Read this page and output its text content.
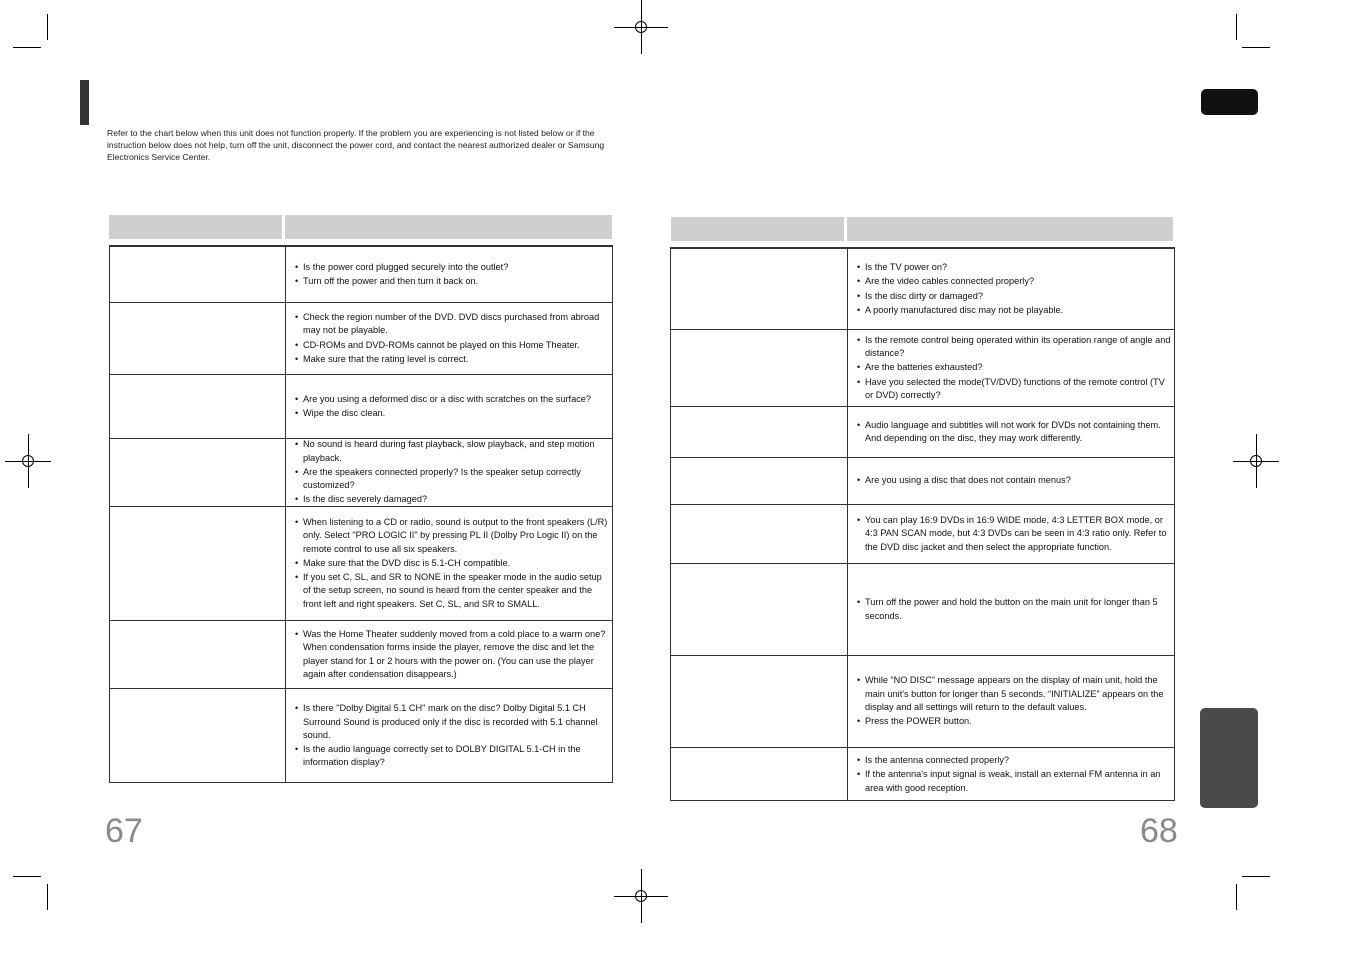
Refer to the chart below when this unit does not function properly. If the problem you are experiencing is not listed below or if the instruction below does not help, turn off the unit, disconnect the power cord, and contact the nearest authorized dealer or Samsung Electronics Service Center.
• Is the power cord plugged securely into the outlet?
• Turn off the power and then turn it back on.
• Check the region number of the DVD. DVD discs purchased from abroad may not be playable.
• CD-ROMs and DVD-ROMs cannot be played on this Home Theater.
• Make sure that the rating level is correct.
• Are you using a deformed disc or a disc with scratches on the surface?
• Wipe the disc clean.
• No sound is heard during fast playback, slow playback, and step motion playback.
• Are the speakers connected properly? Is the speaker setup correctly customized?
• Is the disc severely damaged?
• When listening to a CD or radio, sound is output to the front speakers (L/R) only. Select "PRO LOGIC II" by pressing PL II (Dolby Pro Logic II) on the remote control to use all six speakers.
• Make sure that the DVD disc is 5.1-CH compatible.
• If you set C, SL, and SR to NONE in the speaker mode in the audio setup of the setup screen, no sound is heard from the center speaker and the front left and right speakers. Set C, SL, and SR to SMALL.
• Was the Home Theater suddenly moved from a cold place to a warm one? When condensation forms inside the player, remove the disc and let the player stand for 1 or 2 hours with the power on. (You can use the player again after condensation disappears.)
• Is there "Dolby Digital 5.1 CH" mark on the disc? Dolby Digital 5.1 CH Surround Sound is produced only if the disc is recorded with 5.1 channel sound.
• Is the audio language correctly set to DOLBY DIGITAL 5.1-CH in the information display?
• Is the TV power on?
• Are the video cables connected properly?
• Is the disc dirty or damaged?
• A poorly manufactured disc may not be playable.
• Is the remote control being operated within its operation range of angle and distance?
• Are the batteries exhausted?
• Have you selected the mode(TV/DVD) functions of the remote control (TV or DVD) correctly?
• Audio language and subtitles will not work for DVDs not containing them. And depending on the disc, they may work differently.
• Are you using a disc that does not contain menus?
• You can play 16:9 DVDs in 16:9 WIDE mode, 4:3 LETTER BOX mode, or 4:3 PAN SCAN mode, but 4:3 DVDs can be seen in 4:3 ratio only. Refer to the DVD disc jacket and then select the appropriate function.
• Turn off the power and hold the button on the main unit for longer than 5 seconds.
• While “NO DISC” message appears on the display of main unit, hold the main unit's button for longer than 5 seconds. “INITIALIZE” appears on the display and all settings will return to the default values.
• Press the POWER button.
• Is the antenna connected properly?
• If the antenna's input signal is weak, install an external FM antenna in an area with good reception.
67	68
